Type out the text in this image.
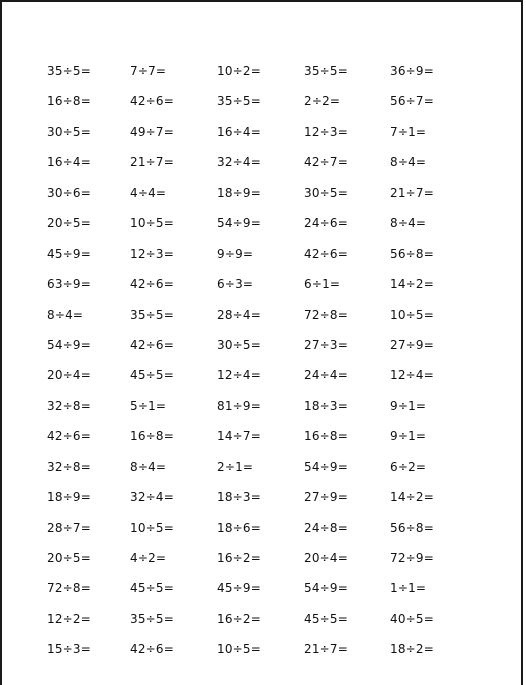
35÷5=	7÷7=	10÷2=	35÷5=	36÷9=
16÷8=	42÷6=	35÷5=	2÷2=	56÷7=
30÷5=	49÷7=	16÷4=	12÷3=	7÷1=
16÷4=	21÷7=	32÷4=	42÷7=	8÷4=
30÷6=	4÷4=	18÷9=	30÷5=	21÷7=
20÷5=	10÷5=	54÷9=	24÷6=	8÷4=
45÷9=	12÷3=	9÷9=	42÷6=	56÷8=
63÷9=	42÷6=	6÷3=	6÷1=	14÷2=
8÷4=	35÷5=	28÷4=	72÷8=	10÷5=
54÷9=	42÷6=	30÷5=	27÷3=	27÷9=
20÷4=	45÷5=	12÷4=	24÷4=	12÷4=
32÷8=	5÷1=	81÷9=	18÷3=	9÷1=
42÷6=	16÷8=	14÷7=	16÷8=	9÷1=
32÷8=	8÷4=	2÷1=	54÷9=	6÷2=
18÷9=	32÷4=	18÷3=	27÷9=	14÷2=
28÷7=	10÷5=	18÷6=	24÷8=	56÷8=
20÷5=	4÷2=	16÷2=	20÷4=	72÷9=
72÷8=	45÷5=	45÷9=	54÷9=	1÷1=
12÷2=	35÷5=	16÷2=	45÷5=	40÷5=
15÷3=	42÷6=	10÷5=	21÷7=	18÷2=
